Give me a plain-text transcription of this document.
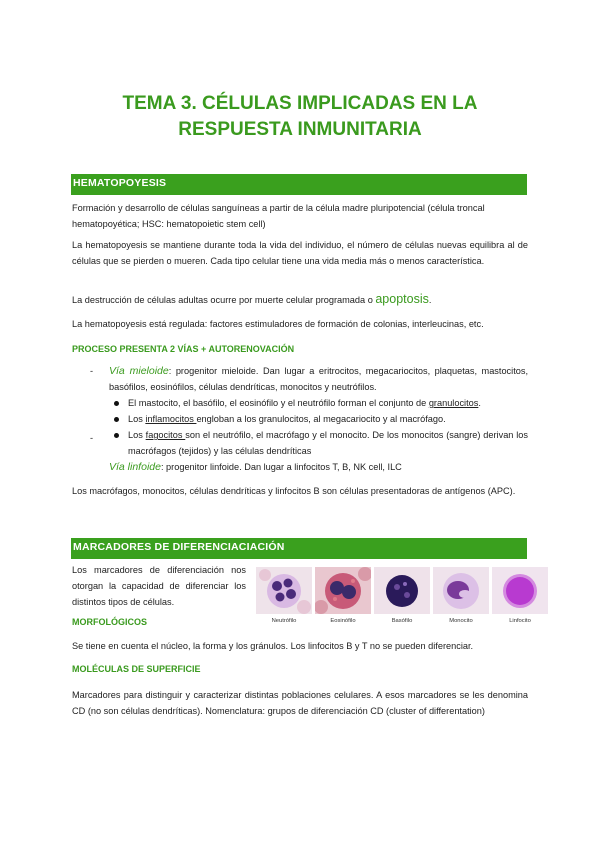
TEMA 3. CÉLULAS IMPLICADAS EN LA
RESPUESTA INMUNITARIA
HEMATOPOYESIS
Formación y desarrollo de células sanguíneas a partir de la célula madre pluripotencial (célula troncal
hematopoyética; HSC: hematopoietic stem cell)
La hematopoyesis se mantiene durante toda la vida del individuo, el número de células nuevas equilibra al de células que se pierden o mueren. Cada tipo celular tiene una vida media más o menos característica.
La destrucción de células adultas ocurre por muerte celular programada o apoptosis.
La hematopoyesis está regulada: factores estimuladores de formación de colonias, interleucinas, etc.
PROCESO PRESENTA 2 VÍAS + AUTORENOVACIÓN
- Vía mieloide: progenitor mieloide. Dan lugar a eritrocitos, megacariocitos, plaquetas, mastocitos, basófilos, eosinófilos, células dendríticas, monocitos y neutrófilos.
El mastocito, el basófilo, el eosinófilo y el neutrófilo forman el conjunto de granulocitos.
Los inflamocitos engloban a los granulocitos, al megacariocito y al macrófago.
Los fagocitos son el neutrófilo, el macrófago y el monocito. De los monocitos (sangre) derivan los macrófagos (tejidos) y las células dendríticas
-
Vía linfoide: progenitor linfoide. Dan lugar a linfocitos T, B, NK cell, ILC
Los macrófagos, monocitos, células dendríticas y linfocitos B son células presentadoras de antígenos (APC).
MARCADORES DE DIFERENCIACIACIÓN
Los marcadores de diferenciación nos otorgan la capacidad de diferenciar los distintos tipos de células.
Neutrófilo	Eosinófilo	Basófilo	Monocito	Linfocito
MORFOLÓGICOS
Se tiene en cuenta el núcleo, la forma y los gránulos. Los linfocitos B y T no se pueden diferenciar.
MOLÉCULAS DE SUPERFICIE
Marcadores para distinguir y caracterizar distintas poblaciones celulares. A esos marcadores se les denomina CD (no son células dendríticas). Nomenclatura: grupos de diferenciación CD (cluster of differentation)
